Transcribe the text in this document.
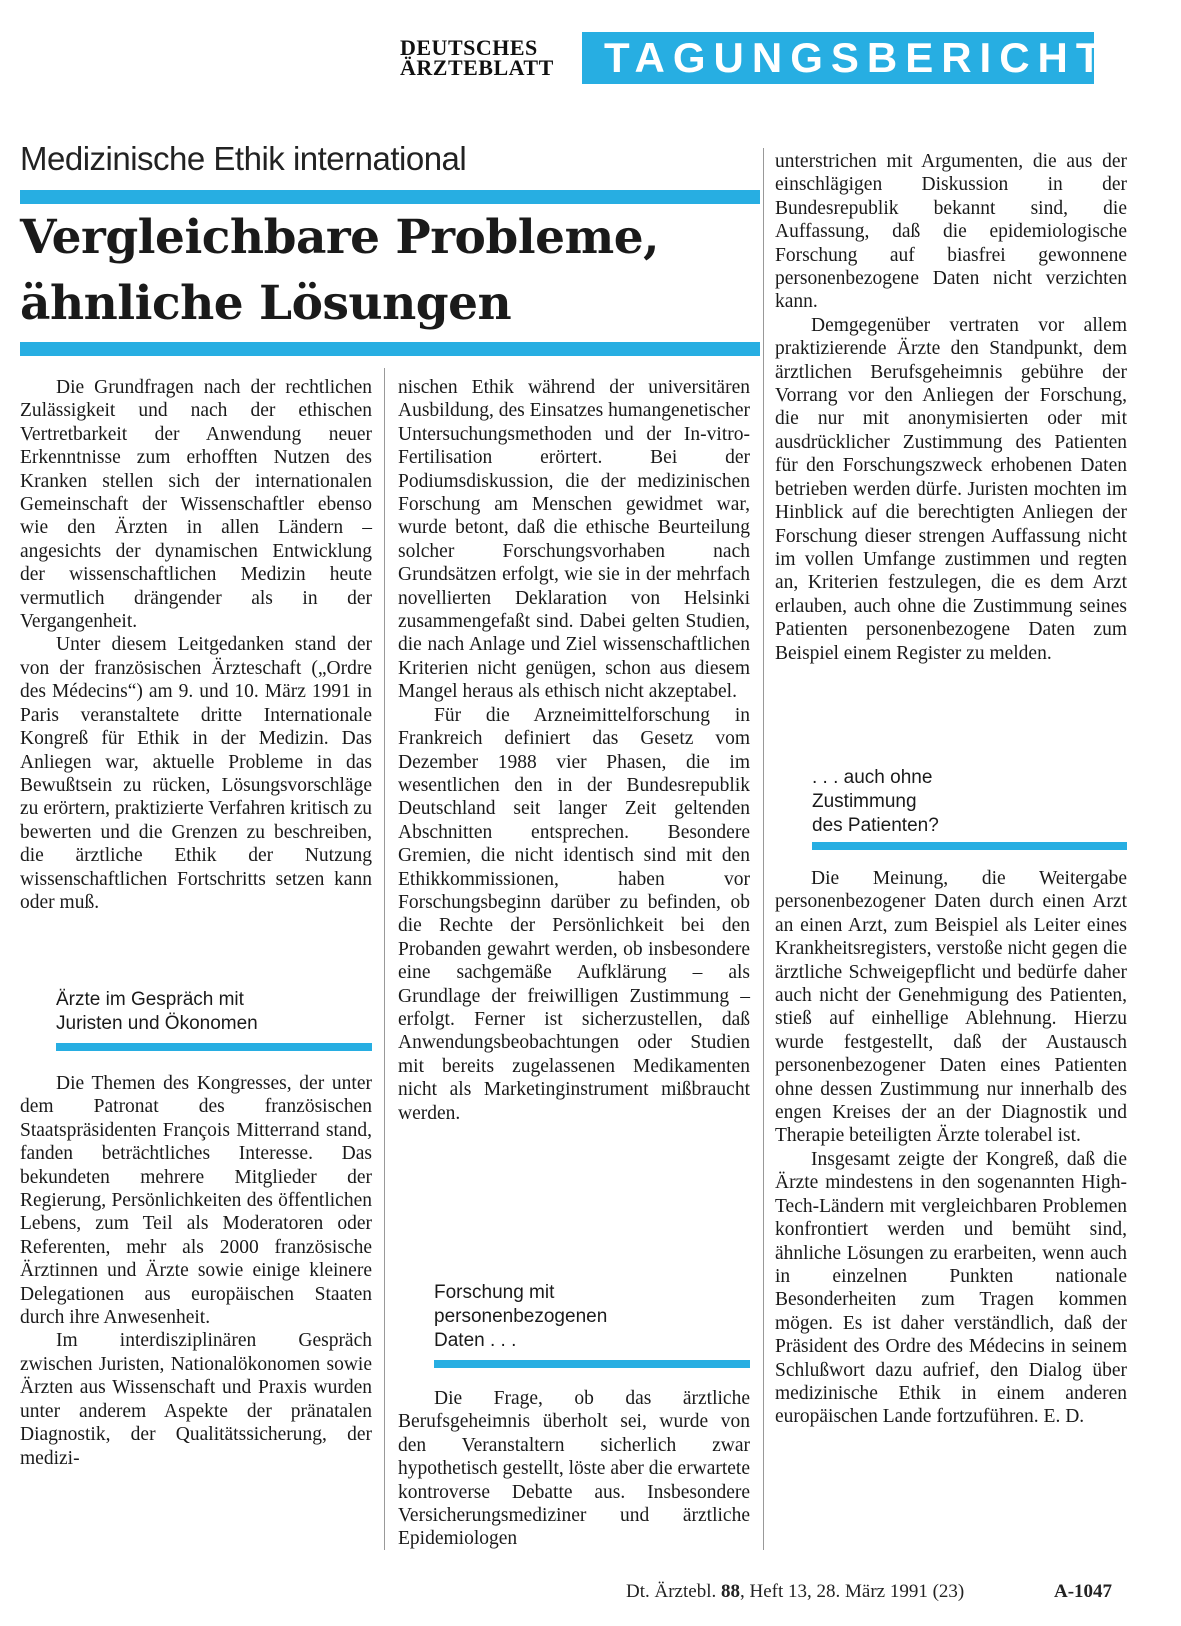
DEUTSCHES
ÄRZTEBLATT	TAGUNGSBERICHT
Medizinische Ethik international
Vergleichbare Probleme,
ähnliche Lösungen

Die Grundfragen nach der rechtlichen Zulässigkeit und nach der ethischen Vertretbarkeit der Anwendung neuer Erkenntnisse zum erhofften Nutzen des Kranken stellen sich der internationalen Gemeinschaft der Wissenschaftler ebenso wie den Ärzten in allen Ländern – angesichts der dynamischen Entwicklung der wissenschaftlichen Medizin heute vermutlich drängender als in der Vergangenheit.

Unter diesem Leitgedanken stand der von der französischen Ärzteschaft („Ordre des Médecins“) am 9. und 10. März 1991 in Paris veranstaltete dritte Internationale Kongreß für Ethik in der Medizin. Das Anliegen war, aktuelle Probleme in das Bewußtsein zu rücken, Lösungsvorschläge zu erörtern, praktizierte Verfahren kritisch zu bewerten und die Grenzen zu beschreiben, die ärztliche Ethik der Nutzung wissenschaftlichen Fortschritts setzen kann oder muß.

Ärzte im Gespräch mit
Juristen und Ökonomen

Die Themen des Kongresses, der unter dem Patronat des französischen Staatspräsidenten François Mitterrand stand, fanden beträchtliches Interesse. Das bekundeten mehrere Mitglieder der Regierung, Persönlichkeiten des öffentlichen Lebens, zum Teil als Moderatoren oder Referenten, mehr als 2000 französische Ärztinnen und Ärzte sowie einige kleinere Delegationen aus europäischen Staaten durch ihre Anwesenheit.

Im interdisziplinären Gespräch zwischen Juristen, Nationalökonomen sowie Ärzten aus Wissenschaft und Praxis wurden unter anderem Aspekte der pränatalen Diagnostik, der Qualitätssicherung, der medizi-

nischen Ethik während der universitären Ausbildung, des Einsatzes humangenetischer Untersuchungsmethoden und der In-vitro-Fertilisation erörtert. Bei der Podiumsdiskussion, die der medizinischen Forschung am Menschen gewidmet war, wurde betont, daß die ethische Beurteilung solcher Forschungsvorhaben nach Grundsätzen erfolgt, wie sie in der mehrfach novellierten Deklaration von Helsinki zusammengefaßt sind. Dabei gelten Studien, die nach Anlage und Ziel wissenschaftlichen Kriterien nicht genügen, schon aus diesem Mangel heraus als ethisch nicht akzeptabel.

Für die Arzneimittelforschung in Frankreich definiert das Gesetz vom Dezember 1988 vier Phasen, die im wesentlichen den in der Bundesrepublik Deutschland seit langer Zeit geltenden Abschnitten entsprechen. Besondere Gremien, die nicht identisch sind mit den Ethikkommissionen, haben vor Forschungsbeginn darüber zu befinden, ob die Rechte der Persönlichkeit bei den Probanden gewahrt werden, ob insbesondere eine sachgemäße Aufklärung – als Grundlage der freiwilligen Zustimmung – erfolgt. Ferner ist sicherzustellen, daß Anwendungsbeobachtungen oder Studien mit bereits zugelassenen Medikamenten nicht als Marketinginstrument mißbraucht werden.

Forschung mit
personenbezogenen
Daten . . .

Die Frage, ob das ärztliche Berufsgeheimnis überholt sei, wurde von den Veranstaltern sicherlich zwar hypothetisch gestellt, löste aber die erwartete kontroverse Debatte aus. Insbesondere Versicherungsmediziner und ärztliche Epidemiologen

unterstrichen mit Argumenten, die aus der einschlägigen Diskussion in der Bundesrepublik bekannt sind, die Auffassung, daß die epidemiologische Forschung auf biasfrei gewonnene personenbezogene Daten nicht verzichten kann.

Demgegenüber vertraten vor allem praktizierende Ärzte den Standpunkt, dem ärztlichen Berufsgeheimnis gebühre der Vorrang vor den Anliegen der Forschung, die nur mit anonymisierten oder mit ausdrücklicher Zustimmung des Patienten für den Forschungszweck erhobenen Daten betrieben werden dürfe. Juristen mochten im Hinblick auf die berechtigten Anliegen der Forschung dieser strengen Auffassung nicht im vollen Umfange zustimmen und regten an, Kriterien festzulegen, die es dem Arzt erlauben, auch ohne die Zustimmung seines Patienten personenbezogene Daten zum Beispiel einem Register zu melden.

. . . auch ohne
Zustimmung
des Patienten?

Die Meinung, die Weitergabe personenbezogener Daten durch einen Arzt an einen Arzt, zum Beispiel als Leiter eines Krankheitsregisters, verstoße nicht gegen die ärztliche Schweigepflicht und bedürfe daher auch nicht der Genehmigung des Patienten, stieß auf einhellige Ablehnung. Hierzu wurde festgestellt, daß der Austausch personenbezogener Daten eines Patienten ohne dessen Zustimmung nur innerhalb des engen Kreises der an der Diagnostik und Therapie beteiligten Ärzte tolerabel ist.

Insgesamt zeigte der Kongreß, daß die Ärzte mindestens in den sogenannten High-Tech-Ländern mit vergleichbaren Problemen konfrontiert werden und bemüht sind, ähnliche Lösungen zu erarbeiten, wenn auch in einzelnen Punkten nationale Besonderheiten zum Tragen kommen mögen. Es ist daher verständlich, daß der Präsident des Ordre des Médecins in seinem Schlußwort dazu aufrief, den Dialog über medizinische Ethik in einem anderen europäischen Lande fortzuführen. E. D.

Dt. Ärztebl. 88, Heft 13, 28. März 1991 (23)	A-1047
